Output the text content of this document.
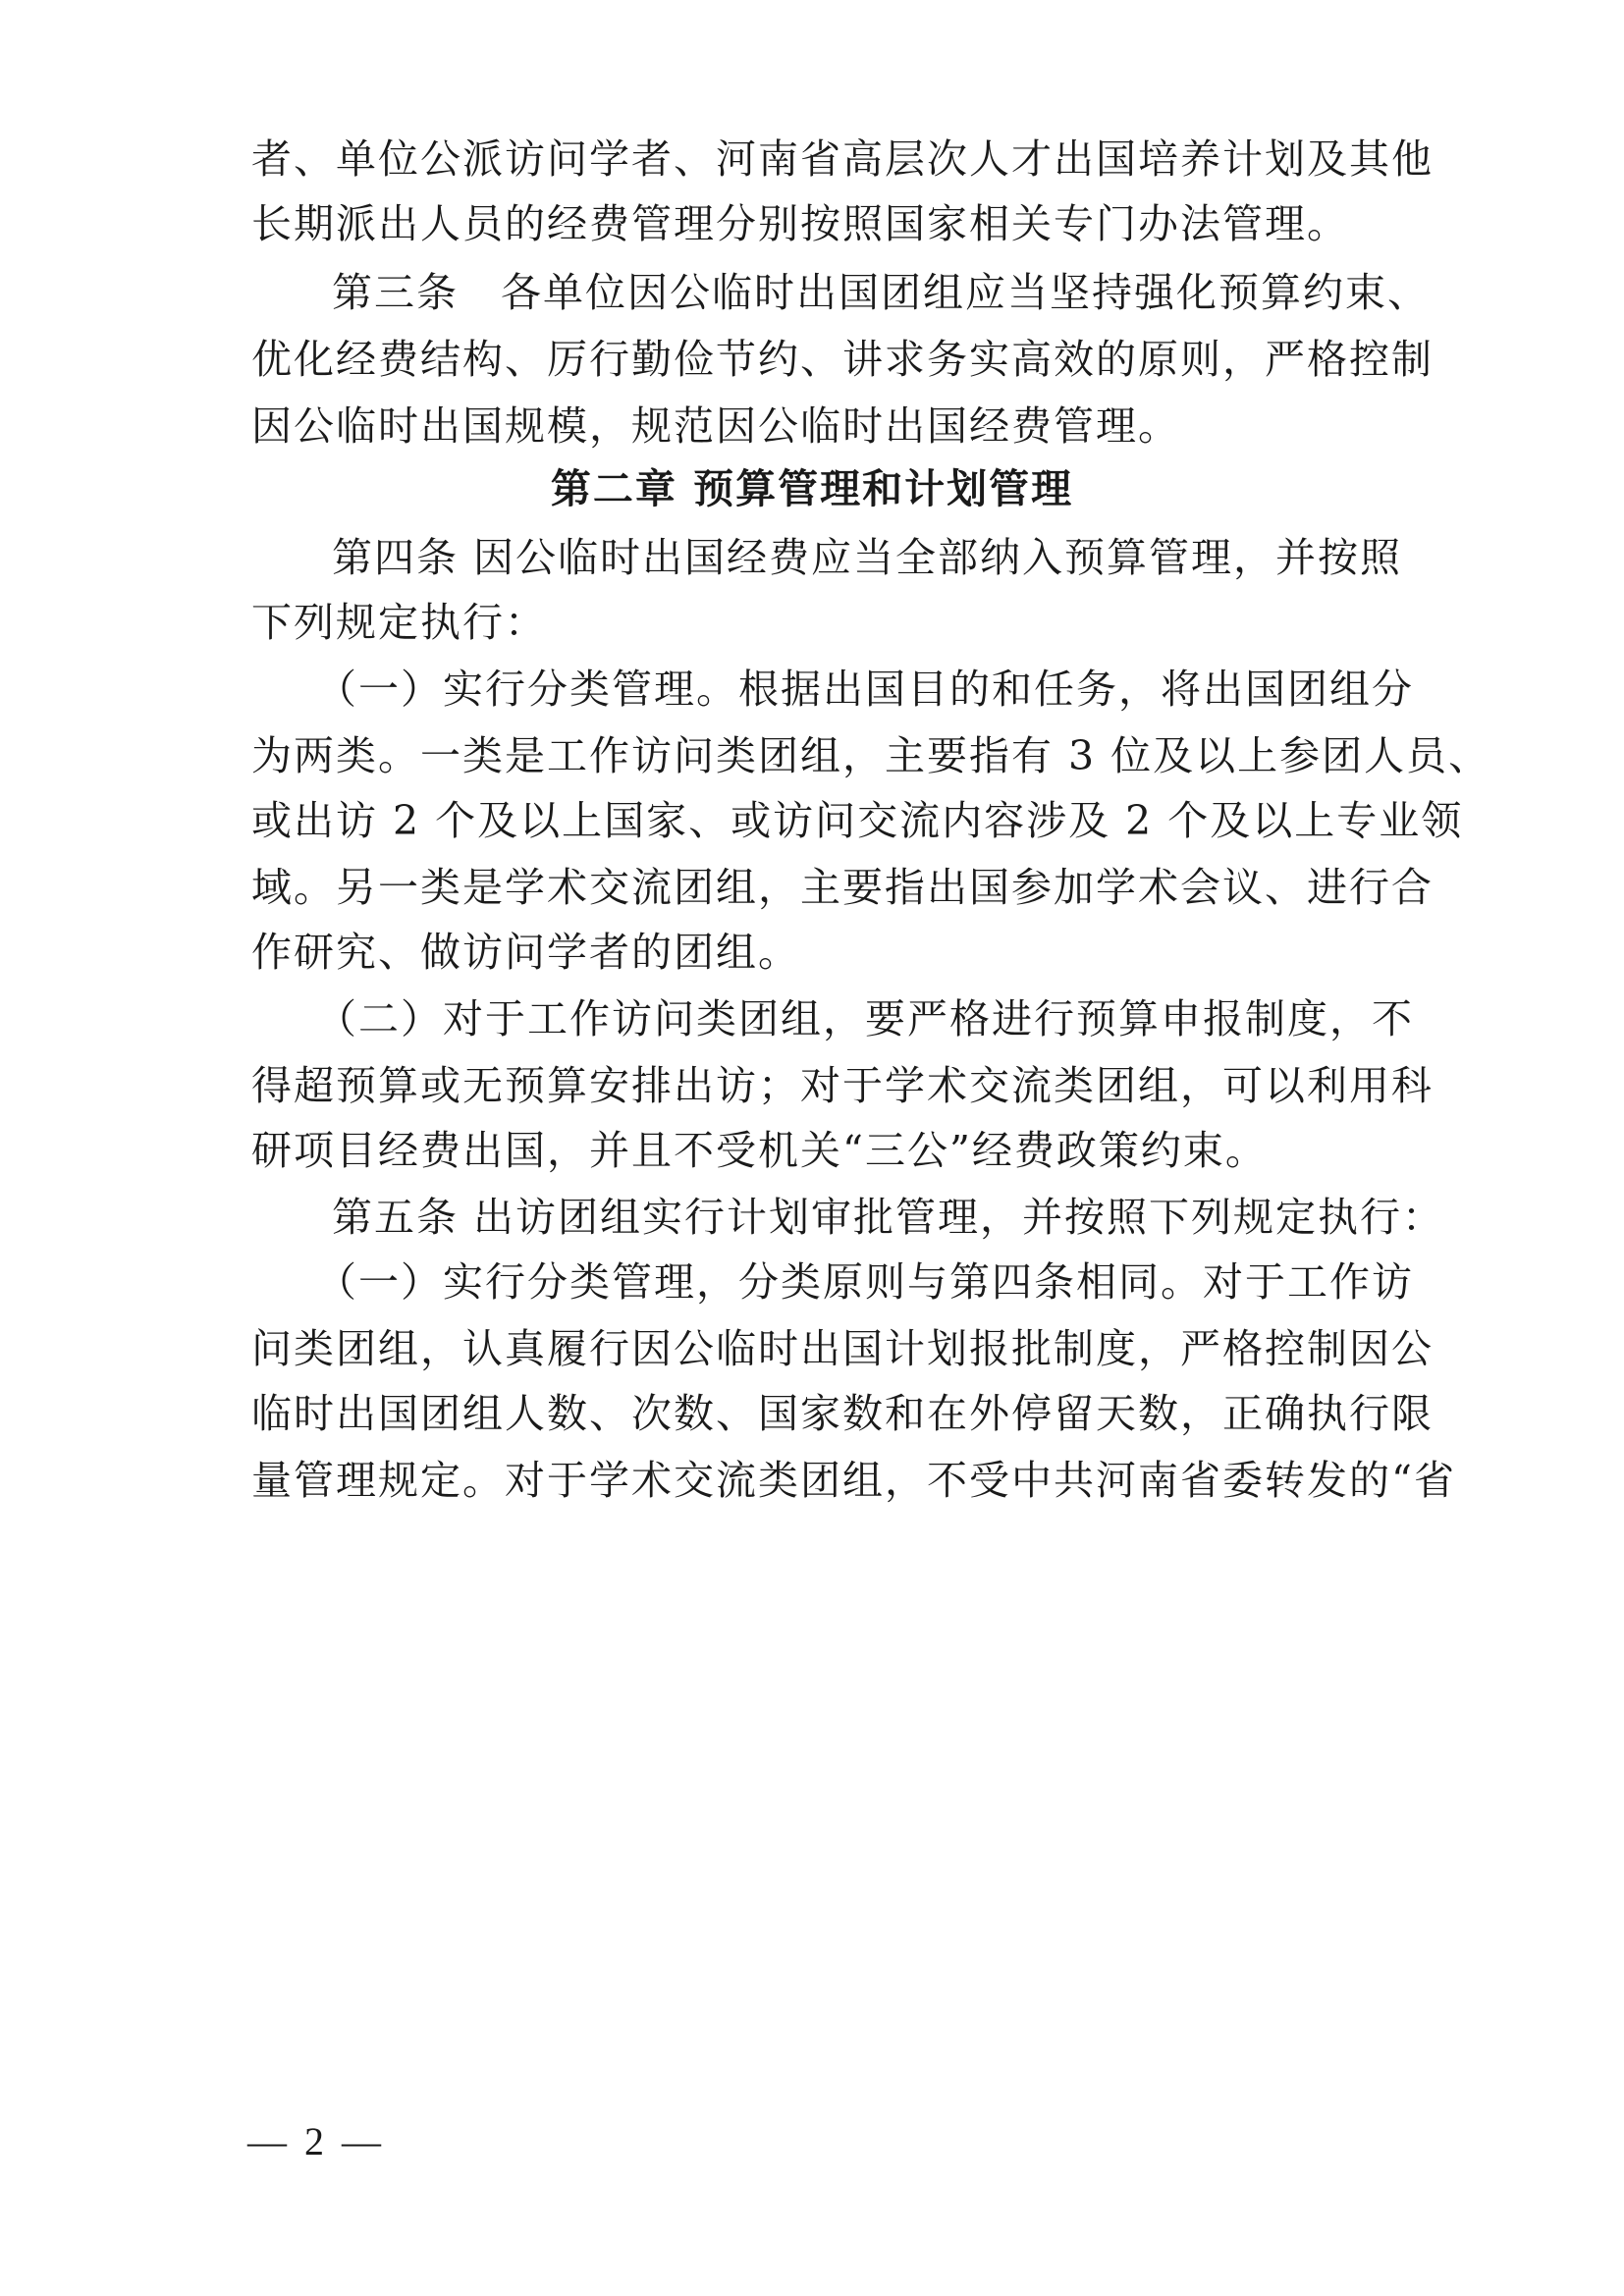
者、单位公派访问学者、河南省高层次人才出国培养计划及其他
长期派出人员的经费管理分别按照国家相关专门办法管理。
第三条　各单位因公临时出国团组应当坚持强化预算约束、
优化经费结构、厉行勤俭节约、讲求务实高效的原则，严格控制
因公临时出国规模，规范因公临时出国经费管理。
第二章 预算管理和计划管理
第四条 因公临时出国经费应当全部纳入预算管理，并按照
下列规定执行：
（一）实行分类管理。根据出国目的和任务，将出国团组分
为两类。一类是工作访问类团组，主要指有 3 位及以上参团人员、
或出访 2 个及以上国家、或访问交流内容涉及 2 个及以上专业领
域。另一类是学术交流团组，主要指出国参加学术会议、进行合
作研究、做访问学者的团组。
（二）对于工作访问类团组，要严格进行预算申报制度，不
得超预算或无预算安排出访；对于学术交流类团组，可以利用科
研项目经费出国，并且不受机关“三公”经费政策约束。
第五条 出访团组实行计划审批管理，并按照下列规定执行：
（一）实行分类管理，分类原则与第四条相同。对于工作访
问类团组，认真履行因公临时出国计划报批制度，严格控制因公
临时出国团组人数、次数、国家数和在外停留天数，正确执行限
量管理规定。对于学术交流类团组，不受中共河南省委转发的“省
— 2 —
